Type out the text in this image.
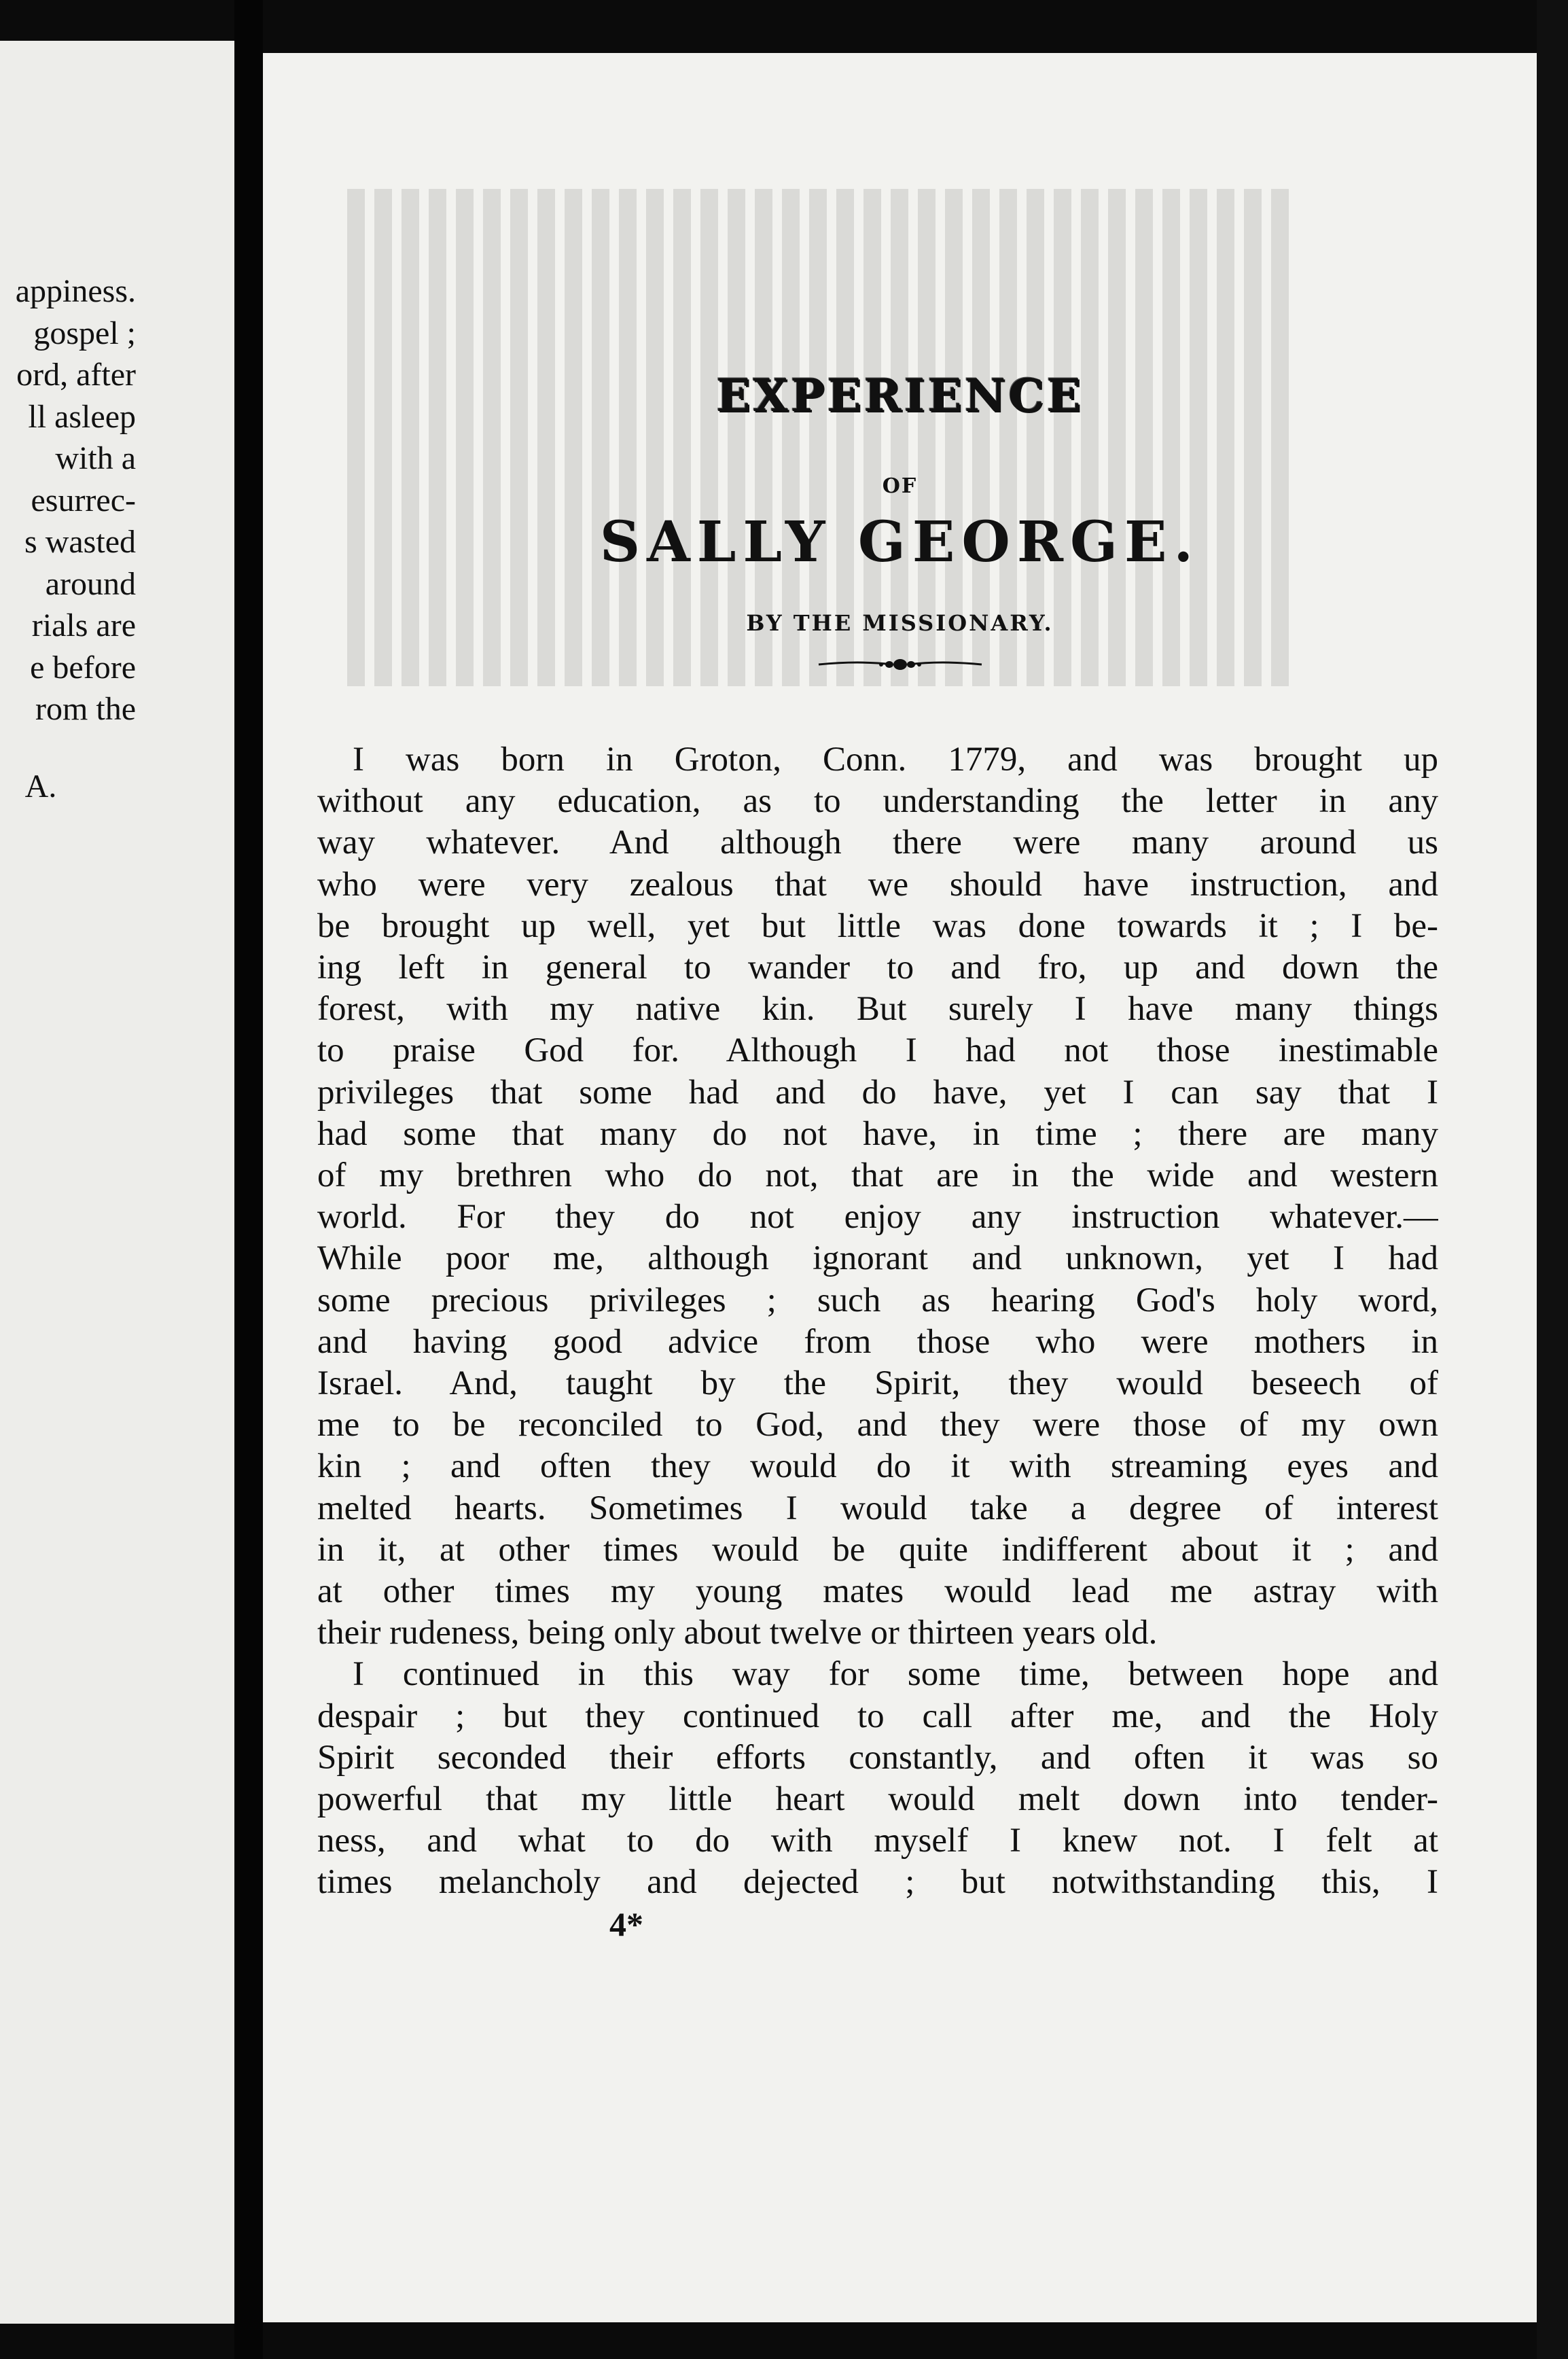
appiness.
gospel ;
ord, after
ll asleep
with a
esurrec-
s wasted
around
rials are
e before
rom the
A.
EXPERIENCE
OF
SALLY GEORGE.
BY THE MISSIONARY.
I was born in Groton, Conn. 1779, and was brought up
without any education, as to understanding the letter in any
way whatever. And although there were many around us
who were very zealous that we should have instruction, and
be brought up well, yet but little was done towards it ; I be-
ing left in general to wander to and fro, up and down the
forest, with my native kin. But surely I have many things
to praise God for. Although I had not those inestimable
privileges that some had and do have, yet I can say that I
had some that many do not have, in time ; there are many
of my brethren who do not, that are in the wide and western
world. For they do not enjoy any instruction whatever.—
While poor me, although ignorant and unknown, yet I had
some precious privileges ; such as hearing God's holy word,
and having good advice from those who were mothers in
Israel. And, taught by the Spirit, they would beseech of
me to be reconciled to God, and they were those of my own
kin ; and often they would do it with streaming eyes and
melted hearts. Sometimes I would take a degree of interest
in it, at other times would be quite indifferent about it ; and
at other times my young mates would lead me astray with
their rudeness, being only about twelve or thirteen years old.
I continued in this way for some time, between hope and
despair ; but they continued to call after me, and the Holy
Spirit seconded their efforts constantly, and often it was so
powerful that my little heart would melt down into tender-
ness, and what to do with myself I knew not. I felt at
times melancholy and dejected ; but notwithstanding this, I
4*
